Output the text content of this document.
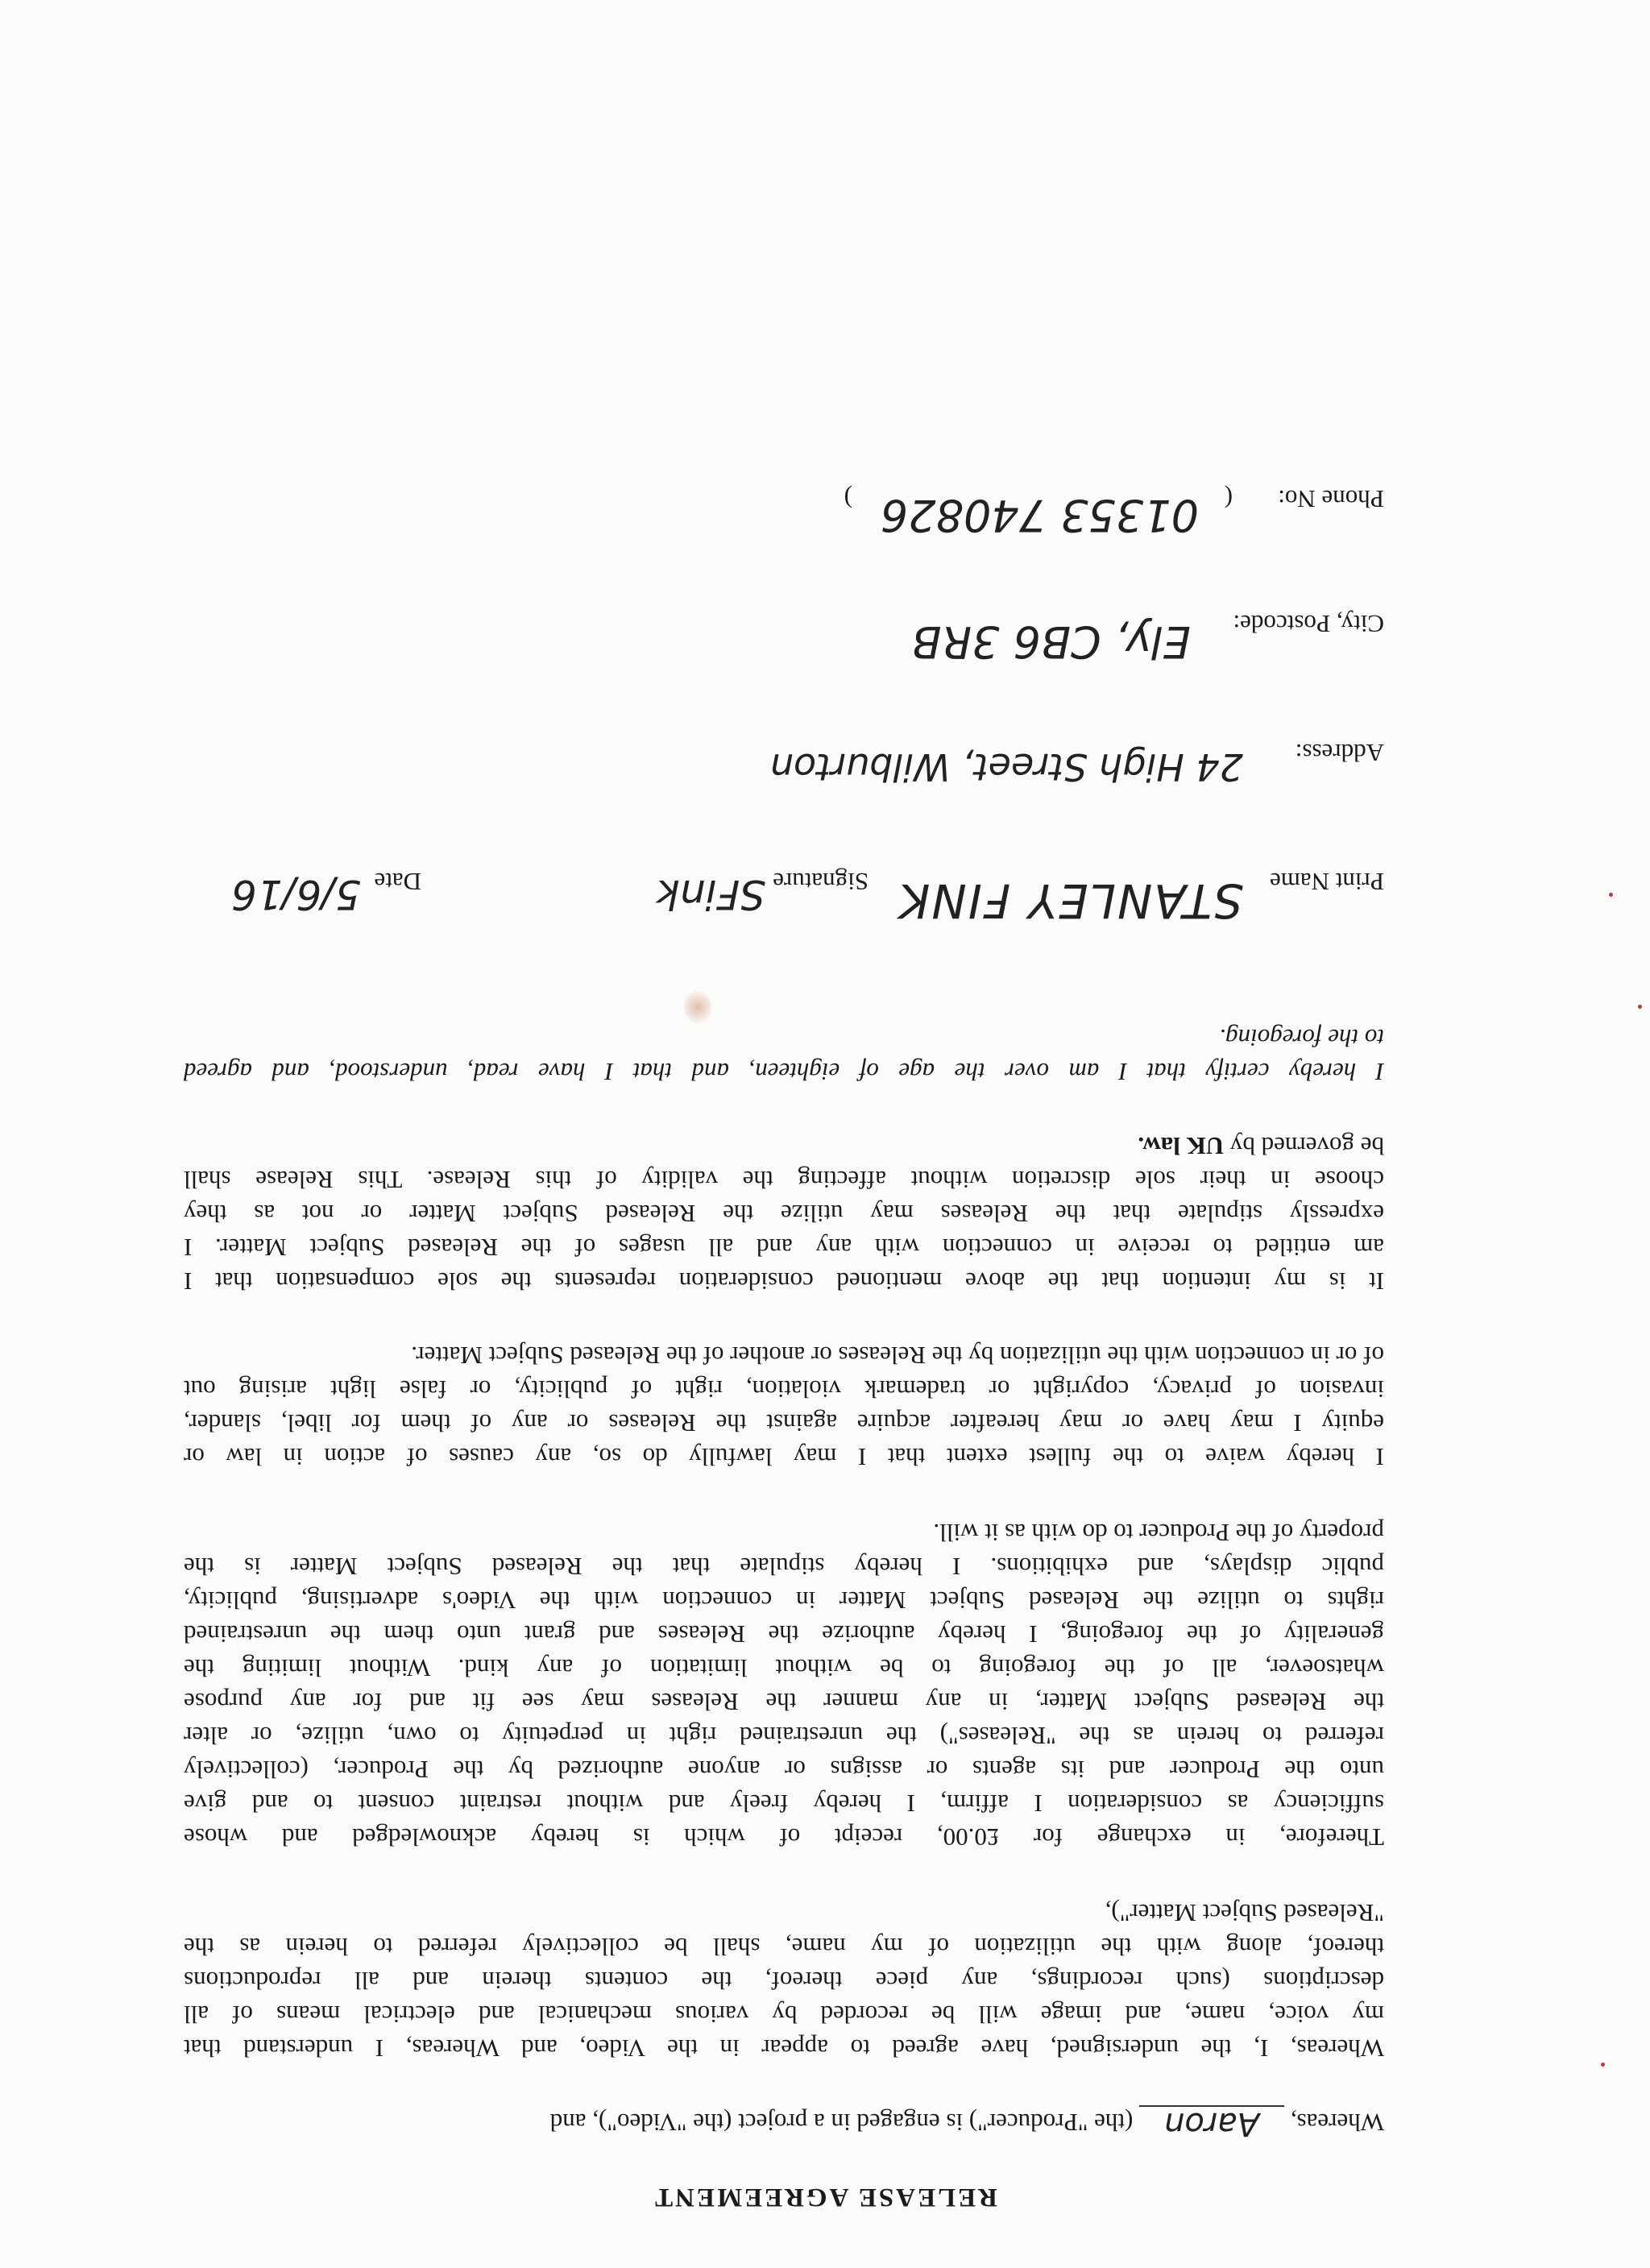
RELEASE AGREEMENT
Whereas, Aaron (the "Producer") is engaged in a project (the "Video"), and
Whereas, I, the undersigned, have agreed to appear in the Video, and Whereas, I understand that
my voice, name, and image will be recorded by various mechanical and electrical means of all
descriptions (such recordings, any piece thereof, the contents therein and all reproductions
thereof, along with the utilization of my name, shall be collectively referred to herein as the
"Released Subject Matter"),
Therefore, in exchange for £0.00, receipt of which is hereby acknowledged and whose
sufficiency as consideration I affirm, I hereby freely and without restraint consent to and give
unto the Producer and its agents or assigns or anyone authorized by the Producer, (collectively
referred to herein as the "Releases") the unrestrained right in perpetuity to own, utilize, or alter
the Released Subject Matter, in any manner the Releases may see fit and for any purpose
whatsoever, all of the foregoing to be without limitation of any kind. Without limiting the
generality of the foregoing, I hereby authorize the Releases and grant unto them the unrestrained
rights to utilize the Released Subject Matter in connection with the Video's advertising, publicity,
public displays, and exhibitions. I hereby stipulate that the Released Subject Matter is the
property of the Producer to do with as it will.
I hereby waive to the fullest extent that I may lawfully do so, any causes of action in law or
equity I may have or may hereafter acquire against the Releases or any of them for libel, slander,
invasion of privacy, copyright or trademark violation, right of publicity, or false light arising out
of or in connection with the utilization by the Releases or another of the Released Subject Matter.
It is my intention that the above mentioned consideration represents the sole compensation that I
am entitled to receive in connection with any and all usages of the Released Subject Matter. I
expressly stipulate that the Releases may utilize the Released Subject Matter or not as they
choose in their sole discretion without affecting the validity of this Release. This Release shall
be governed by UK law.
I hereby certify that I am over the age of eighteen, and that I have read, understood, and agreed
to the foregoing.
Print Name
STANLEY FINK
Signature
SFink
Date
5/6/16
Address:
24 High Street, Wilburton
City, Postcode:
Ely, CB6 3RB
Phone No:
(
01353 740826
)
